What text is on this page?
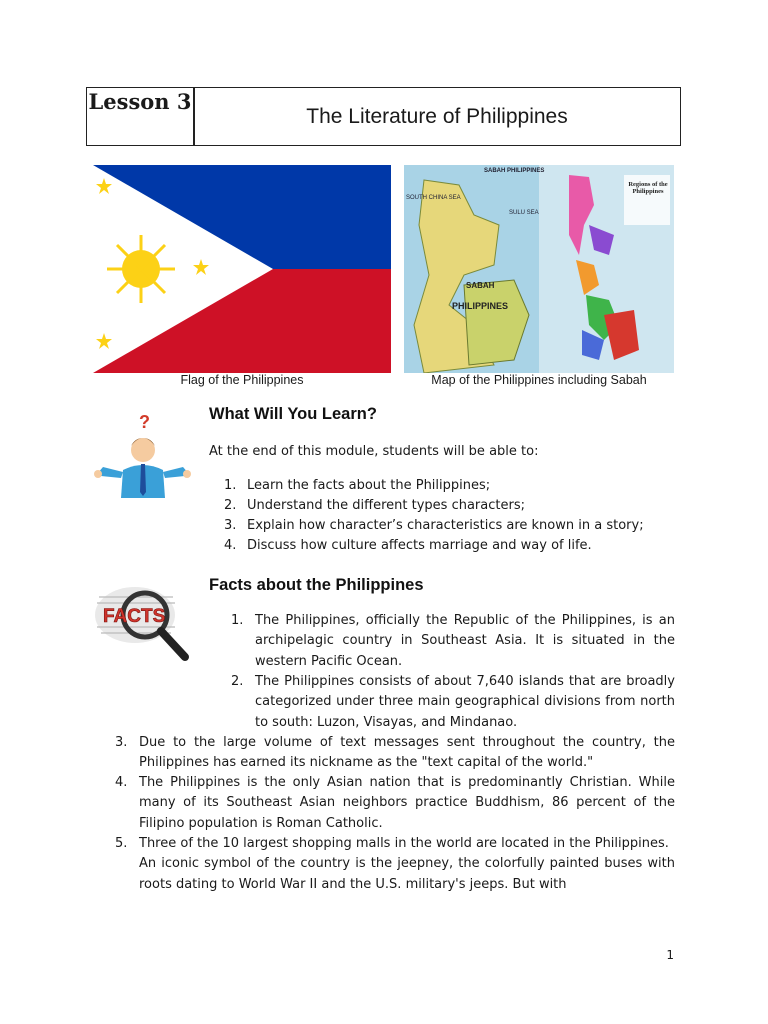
Lesson 3
The Literature of Philippines
Flag of the Philippines
SABAH PHILIPPINES
SOUTH CHINA SEA
SULU SEA
SABAH
PHILIPPINES
Regions of the Philippines
Map of the Philippines including Sabah
?	What Will You Learn?
At the end of this module, students will be able to:
1. Learn the facts about the Philippines;
2. Understand the different types characters;
3. Explain how character’s characteristics are known in a story;
4. Discuss how culture affects marriage and way of life.
FACTS
Facts about the Philippines
1. The Philippines, officially the Republic of the Philippines, is an archipelagic country in Southeast Asia. It is situated in the western Pacific Ocean.
2. The Philippines consists of about 7,640 islands that are broadly categorized under three main geographical divisions from north to south: Luzon, Visayas, and Mindanao.
3. Due to the large volume of text messages sent throughout the country, the Philippines has earned its nickname as the "text capital of the world."
4. The Philippines is the only Asian nation that is predominantly Christian. While many of its Southeast Asian neighbors practice Buddhism, 86 percent of the Filipino population is Roman Catholic.
5. Three of the 10 largest shopping malls in the world are located in the Philippines.

An iconic symbol of the country is the jeepney, the colorfully painted buses with roots dating to World War II and the U.S. military's jeeps. But with

1
